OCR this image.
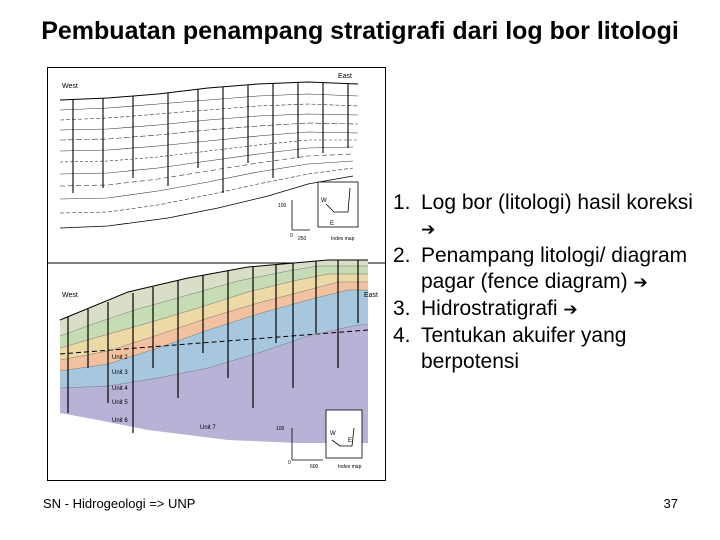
Pembuatan penampang stratigrafi dari log bor litologi
West
East
100
0 250
W
E
Index map
West	East
Unit 2
Unit 3
Unit 4
Unit 5
Unit 6
Unit 7	100
0
600
W
E
Index map
1. Log bor (litologi) hasil koreksi ➔
2. Penampang litologi/ diagram pagar (fence diagram) ➔
3. Hidrostratigrafi ➔
4. Tentukan akuifer yang berpotensi
SN - Hidrogeologi => UNP	37
